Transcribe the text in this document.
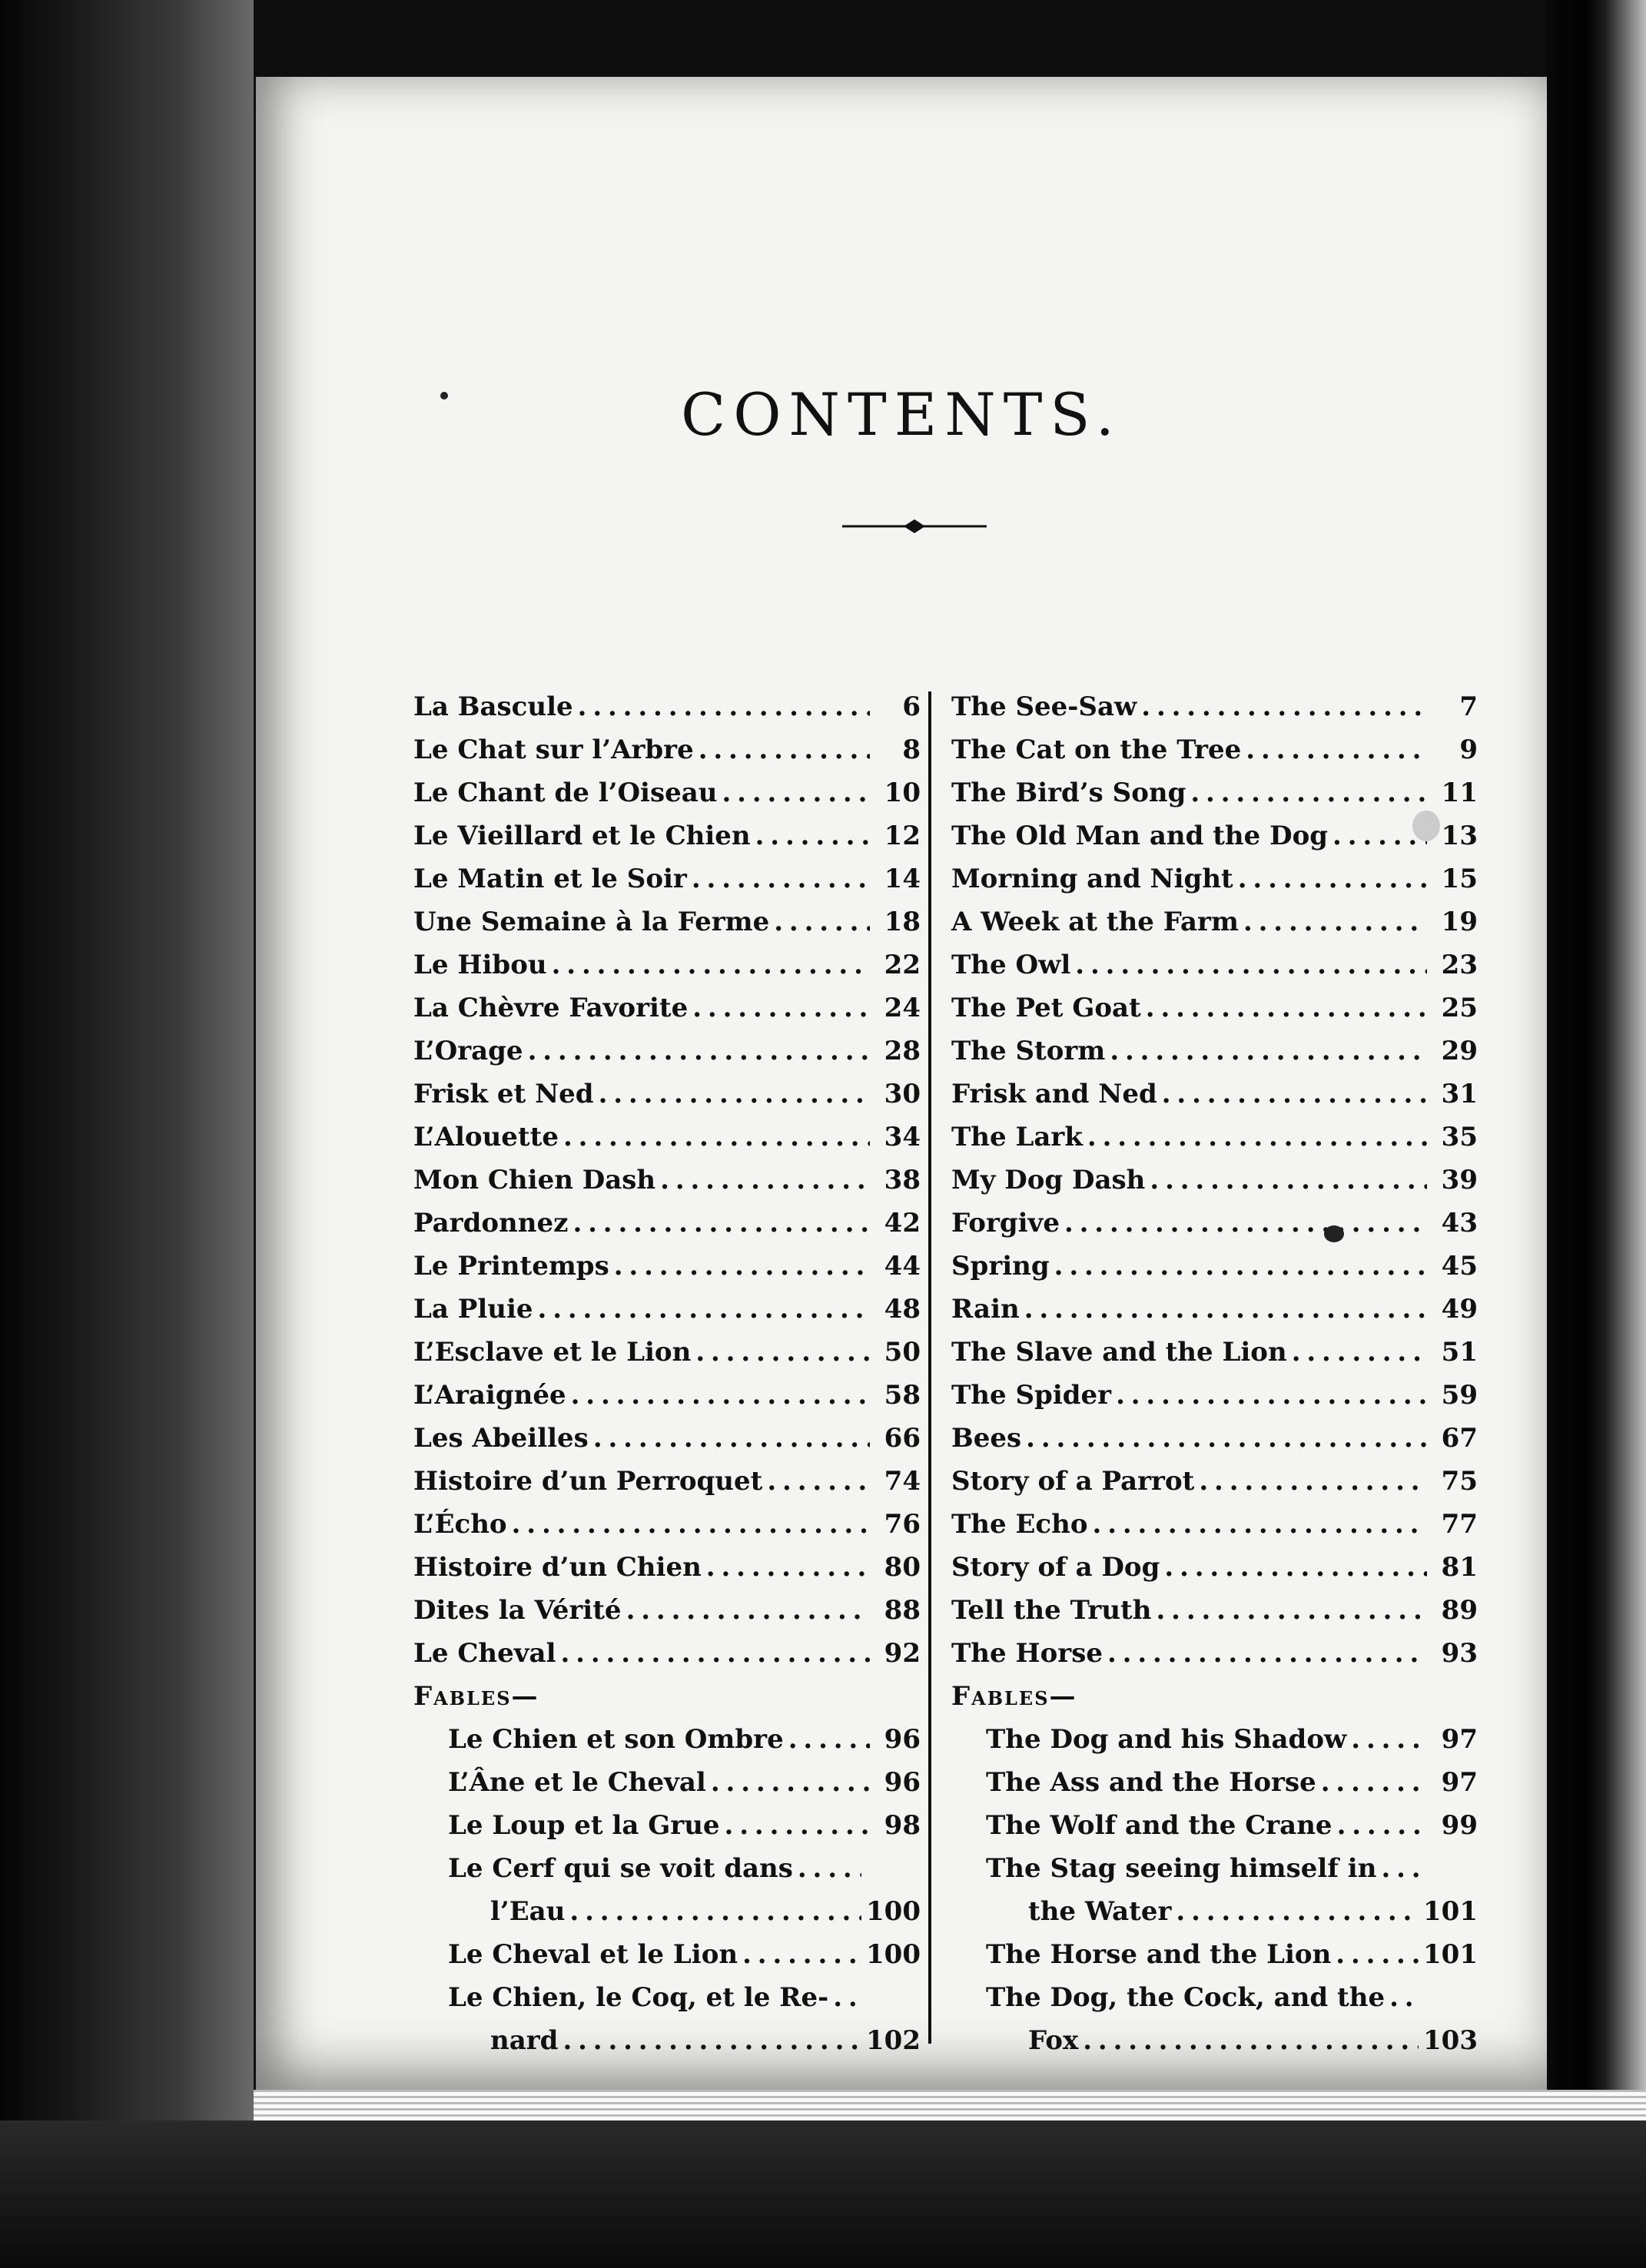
CONTENTS.
La Bascule . . .	6
Le Chat sur l’Arbre . . .	8
Le Chant de l’Oiseau . . .	10
Le Vieillard et le Chien . . .	12
Le Matin et le Soir . . .	14
Une Semaine à la Ferme . . .	18
Le Hibou . . .	22
La Chèvre Favorite . . .	24
L’Orage . . .	28
Frisk et Ned . . .	30
L’Alouette . . .	34
Mon Chien Dash . . .	38
Pardonnez . . .	42
Le Printemps . . .	44
La Pluie . . .	48
L’Esclave et le Lion . . .	50
L’Araignée . . .	58
Les Abeilles . . .	66
Histoire d’un Perroquet . . .	74
L’Écho . . .	76
Histoire d’un Chien . . .	80
Dites la Vérité . . .	88
Le Cheval . . .	92
Fables—
Le Chien et son Ombre . . .	96
L’Âne et le Cheval . . .	96
Le Loup et la Grue . . .	98
Le Cerf qui se voit dans
. . .
l’Eau . . .	100
Le Cheval et le Lion . . .	100
Le Chien, le Coq, et le Re-
. . .
nard . . .	102
The See-Saw . . .	7
The Cat on the Tree . . .	9
The Bird’s Song . . .	11
The Old Man and the Dog . . .	13
Morning and Night . . .	15
A Week at the Farm . . .	19
The Owl . . .	23
The Pet Goat . . .	25
The Storm . . .	29
Frisk and Ned . . .	31
The Lark . . .	35
My Dog Dash . . .	39
Forgive . . .	43
Spring . . .	45
Rain . . .	49
The Slave and the Lion . . .	51
The Spider . . .	59
Bees . . .	67
Story of a Parrot . . .	75
The Echo . . .	77
Story of a Dog . . .	81
Tell the Truth . . .	89
The Horse . . .	93
Fables—
The Dog and his Shadow . . .	97
The Ass and the Horse . . .	97
The Wolf and the Crane . . .	99
The Stag seeing himself in
. . .
the Water . . .	101
The Horse and the Lion . . .	101
The Dog, the Cock, and the
. . .
Fox . . .	103
